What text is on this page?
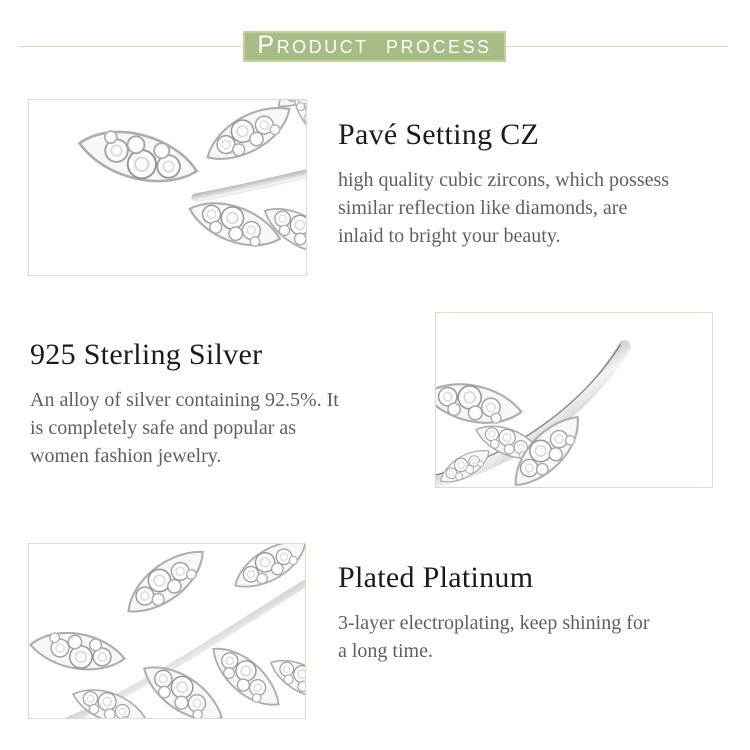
Product process
Pavé Setting CZ
high quality cubic zircons, which possess
similar reflection like diamonds, are
inlaid to bright your beauty.
925 Sterling Silver
An alloy of silver containing 92.5%. It
is completely safe and popular as
women fashion jewelry.
Plated Platinum
3-layer electroplating, keep shining for
a long time.
